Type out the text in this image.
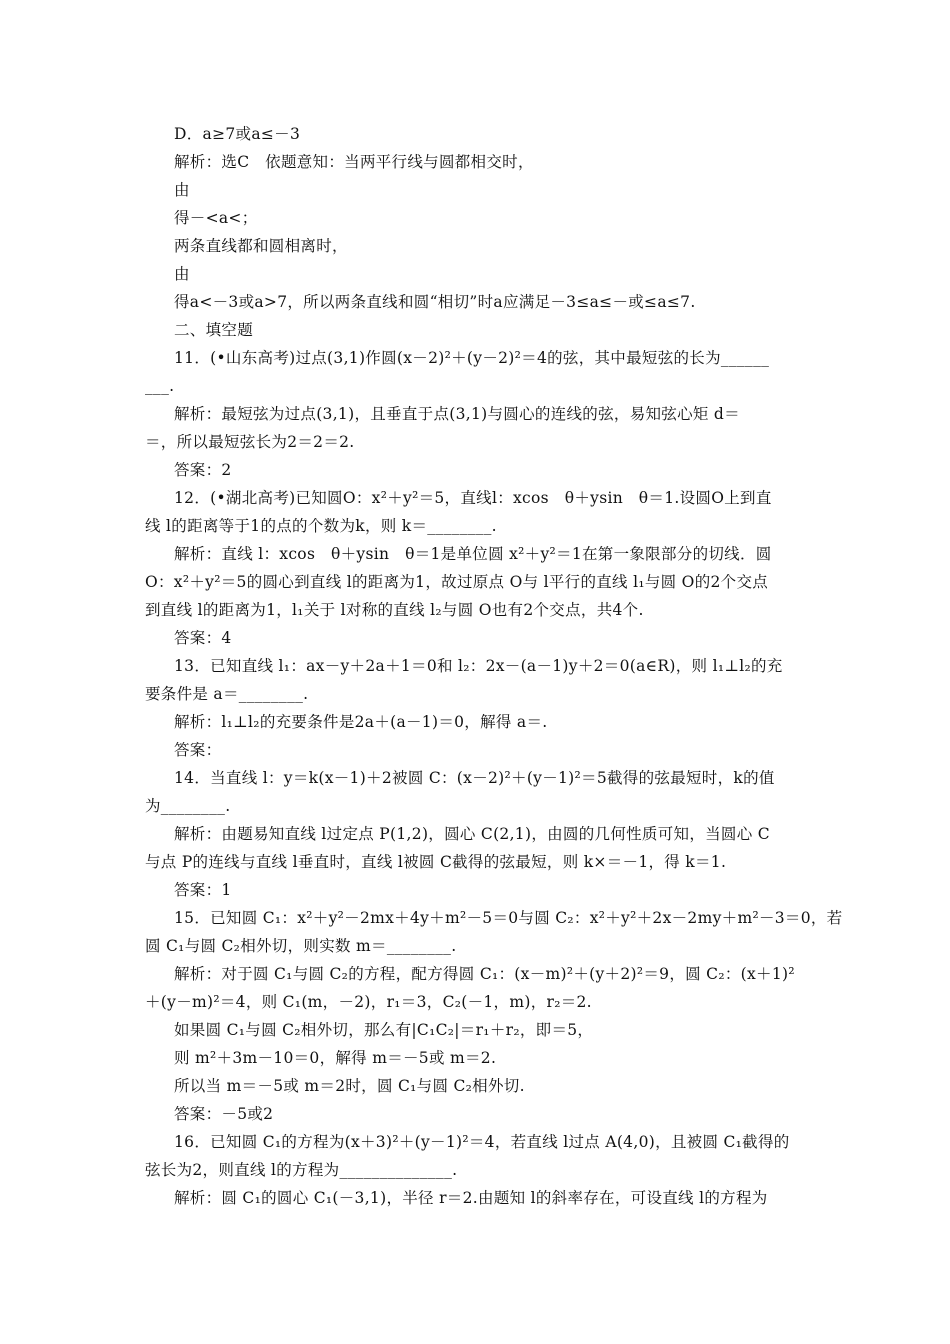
D．a≥7或a≤－3
解析：选C　依题意知：当两平行线与圆都相交时，
由
得－<a<；
两条直线都和圆相离时，
由
得a<－3或a>7，所以两条直线和圆“相切”时a应满足－3≤a≤－或≤a≤7.
二、填空题
11．(•山东高考)过点(3,1)作圆(x－2)²＋(y－2)²＝4的弦，其中最短弦的长为______
___.
解析：最短弦为过点(3,1)，且垂直于点(3,1)与圆心的连线的弦，易知弦心矩 d＝
＝，所以最短弦长为2＝2＝2.
答案：2
12．(•湖北高考)已知圆O：x²＋y²＝5，直线l：xcos　θ＋ysin　θ＝1.设圆O上到直
线 l的距离等于1的点的个数为k，则 k＝________.
解析：直线 l：xcos　θ＋ysin　θ＝1是单位圆 x²＋y²＝1在第一象限部分的切线．圆
O：x²＋y²＝5的圆心到直线 l的距离为1，故过原点 O与 l平行的直线 l₁与圆 O的2个交点
到直线 l的距离为1，l₁关于 l对称的直线 l₂与圆 O也有2个交点，共4个.
答案：4
13．已知直线 l₁：ax－y＋2a＋1＝0和 l₂：2x－(a－1)y＋2＝0(a∈R)，则 l₁⊥l₂的充
要条件是 a＝________.
解析：l₁⊥l₂的充要条件是2a＋(a－1)＝0，解得 a＝.
答案：
14．当直线 l：y＝k(x－1)＋2被圆 C：(x－2)²＋(y－1)²＝5截得的弦最短时，k的值
为________.
解析：由题易知直线 l过定点 P(1,2)，圆心 C(2,1)，由圆的几何性质可知，当圆心 C
与点 P的连线与直线 l垂直时，直线 l被圆 C截得的弦最短，则 k×＝－1，得 k＝1.
答案：1
15．已知圆 C₁：x²＋y²－2mx＋4y＋m²－5＝0与圆 C₂：x²＋y²＋2x－2my＋m²－3＝0，若
圆 C₁与圆 C₂相外切，则实数 m＝________.
解析：对于圆 C₁与圆 C₂的方程，配方得圆 C₁：(x－m)²＋(y＋2)²＝9，圆 C₂：(x＋1)²
＋(y－m)²＝4，则 C₁(m，－2)，r₁＝3，C₂(－1，m)，r₂＝2.
如果圆 C₁与圆 C₂相外切，那么有|C₁C₂|＝r₁＋r₂，即＝5，
则 m²＋3m－10＝0，解得 m＝－5或 m＝2.
所以当 m＝－5或 m＝2时，圆 C₁与圆 C₂相外切.
答案：－5或2
16．已知圆 C₁的方程为(x＋3)²＋(y－1)²＝4，若直线 l过点 A(4,0)，且被圆 C₁截得的
弦长为2，则直线 l的方程为______________.
解析：圆 C₁的圆心 C₁(－3,1)，半径 r＝2.由题知 l的斜率存在，可设直线 l的方程为
